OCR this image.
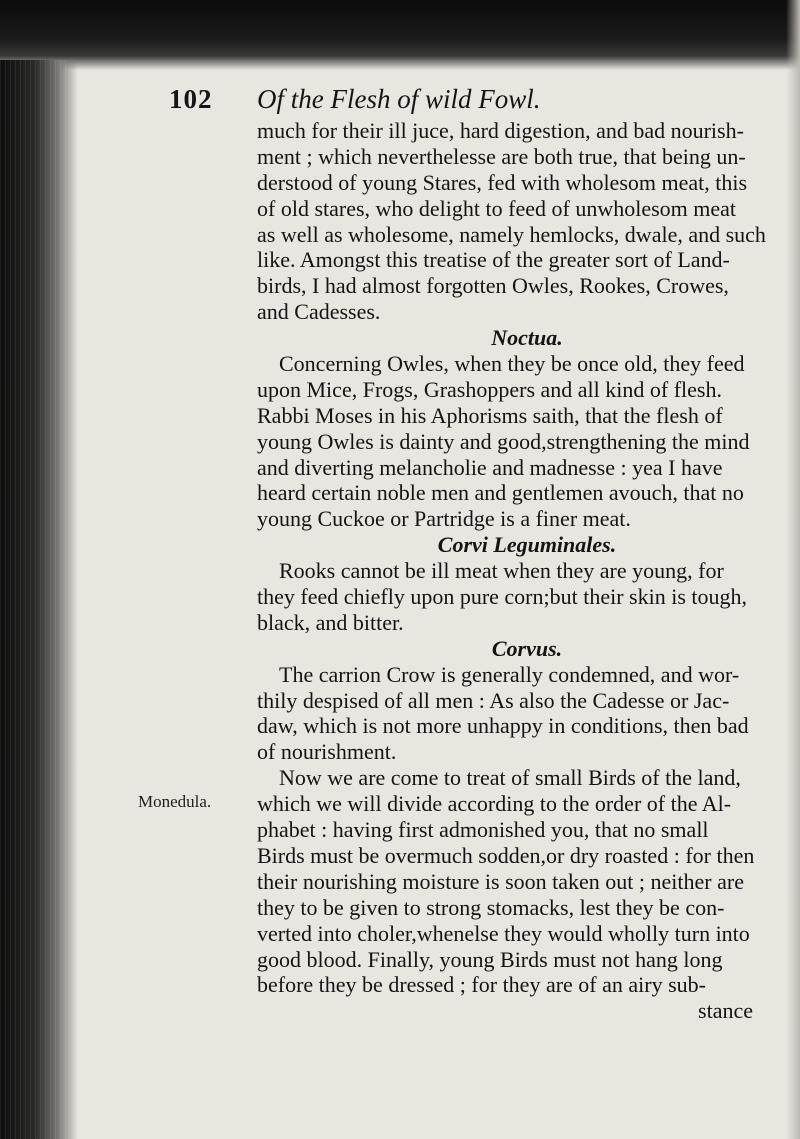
102 Of the Flesh of wild Fowl.
Monedula.
much for their ill juce, hard digestion, and bad nourish-
ment ; which neverthelesse are both true, that being un-
derstood of young Stares, fed with wholesom meat, this
of old stares, who delight to feed of unwholesom meat
as well as wholesome, namely hemlocks, dwale, and such
like. Amongst this treatise of the greater sort of Land-
birds, I had almost forgotten Owles, Rookes, Crowes,
and Cadesses.
Noctua.
Concerning Owles, when they be once old, they feed
upon Mice, Frogs, Grashoppers and all kind of flesh.
Rabbi Moses in his Aphorisms saith, that the flesh of
young Owles is dainty and good,strengthening the mind
and diverting melancholie and madnesse : yea I have
heard certain noble men and gentlemen avouch, that no
young Cuckoe or Partridge is a finer meat.
Corvi Leguminales.
Rooks cannot be ill meat when they are young, for
they feed chiefly upon pure corn;but their skin is tough,
black, and bitter.
Corvus.
The carrion Crow is generally condemned, and wor-
thily despised of all men : As also the Cadesse or Jac-
daw, which is not more unhappy in conditions, then bad
of nourishment.
Now we are come to treat of small Birds of the land,
which we will divide according to the order of the Al-
phabet : having first admonished you, that no small
Birds must be overmuch sodden,or dry roasted : for then
their nourishing moisture is soon taken out ; neither are
they to be given to strong stomacks, lest they be con-
verted into choler,whenelse they would wholly turn into
good blood. Finally, young Birds must not hang long
before they be dressed ; for they are of an airy sub-
stance
